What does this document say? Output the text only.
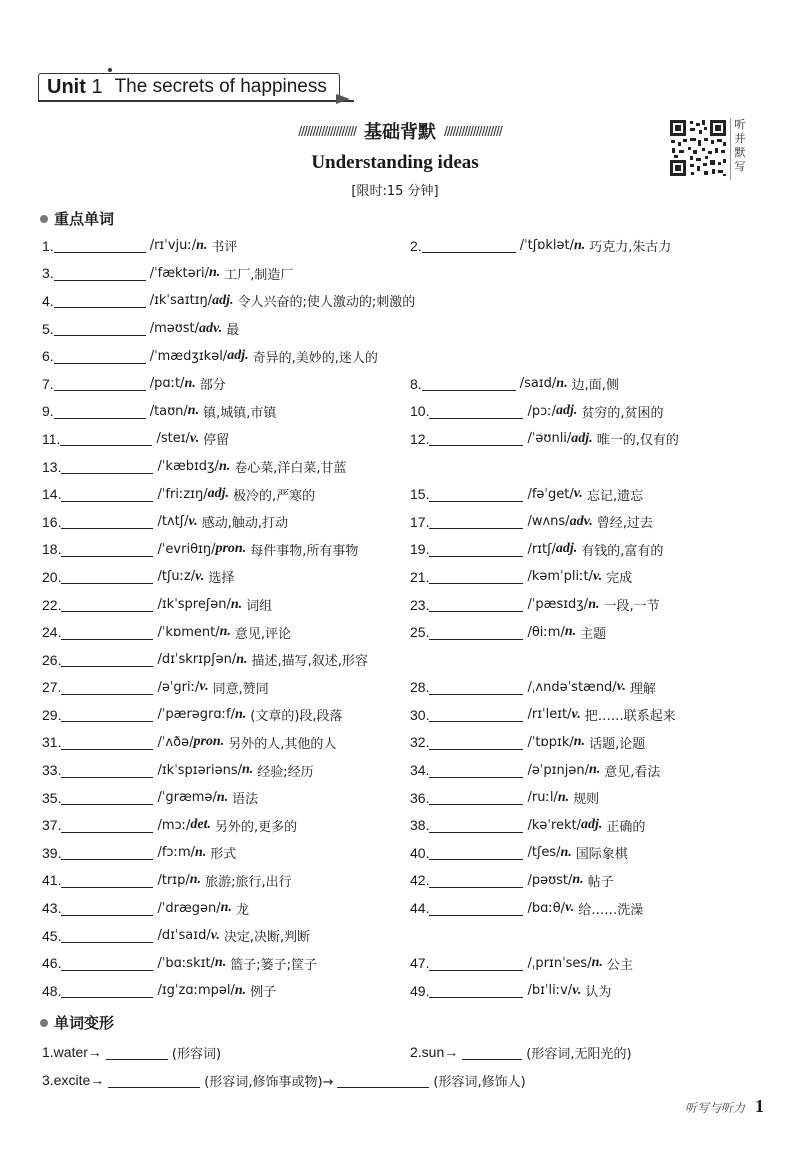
Unit 1 The secrets of happiness
//////////////////// 基础背默 ////////////////////
Understanding ideas
[限时:15 分钟]
听
并
默
写
重点单词
1.	/rɪˈvjuː/ n. 书评	2.	/ˈtʃɒklət/ n. 巧克力,朱古力
3.	/ˈfæktəri/ n. 工厂,制造厂
4.	/ɪkˈsaɪtɪŋ/ adj. 令人兴奋的;使人激动的;刺激的
5.	/məʊst/ adv. 最
6.	/ˈmædʒɪkəl/ adj. 奇异的,美妙的,迷人的
7.	/pɑːt/ n. 部分	8.	/saɪd/ n. 边,面,侧
9.	/taʊn/ n. 镇,城镇,市镇	10.	/pɔː/ adj. 贫穷的,贫困的
11.	/steɪ/ v. 停留	12.	/ˈəʊnli/ adj. 唯一的,仅有的
13.	/ˈkæbɪdʒ/ n. 卷心菜,洋白菜,甘蓝
14.	/ˈfriːzɪŋ/ adj. 极冷的,严寒的	15.	/fəˈget/ v. 忘记,遗忘
16.	/tʌtʃ/ v. 感动,触动,打动	17.	/wʌns/ adv. 曾经,过去
18.	/ˈevriθɪŋ/ pron. 每件事物,所有事物	19.	/rɪtʃ/ adj. 有钱的,富有的
20.	/tʃuːz/ v. 选择	21.	/kəmˈpliːt/ v. 完成
22.	/ɪkˈspreʃən/ n. 词组	23.	/ˈpæsɪdʒ/ n. 一段,一节
24.	/ˈkɒment/ n. 意见,评论	25.	/θiːm/ n. 主题
26.	/dɪˈskrɪpʃən/ n. 描述,描写,叙述,形容
27.	/əˈgriː/ v. 同意,赞同	28.	/ˌʌndəˈstænd/ v. 理解
29.	/ˈpærəgrɑːf/ n. (文章的)段,段落	30.	/rɪˈleɪt/ v. 把……联系起来
31.	/ˈʌðə/ pron. 另外的人,其他的人	32.	/ˈtɒpɪk/ n. 话题,论题
33.	/ɪkˈspɪəriəns/ n. 经验;经历	34.	/əˈpɪnjən/ n. 意见,看法
35.	/ˈgræmə/ n. 语法	36.	/ruːl/ n. 规则
37.	/mɔː/ det. 另外的,更多的	38.	/kəˈrekt/ adj. 正确的
39.	/fɔːm/ n. 形式	40.	/tʃes/ n. 国际象棋
41.	/trɪp/ n. 旅游;旅行,出行	42.	/pəʊst/ n. 帖子
43.	/ˈdrægən/ n. 龙	44.	/bɑːθ/ v. 给……洗澡
45.	/dɪˈsaɪd/ v. 决定,决断,判断
46.	/ˈbɑːskɪt/ n. 篮子;篓子;筐子	47.	/ˌprɪnˈses/ n. 公主
48.	/ɪgˈzɑːmpəl/ n. 例子	49.	/bɪˈliːv/ v. 认为
单词变形
1.water→	(形容词)	2.sun→	(形容词,无阳光的)
3.excite→	(形容词,修饰事或物)→	(形容词,修饰人)
听写与听力 1
